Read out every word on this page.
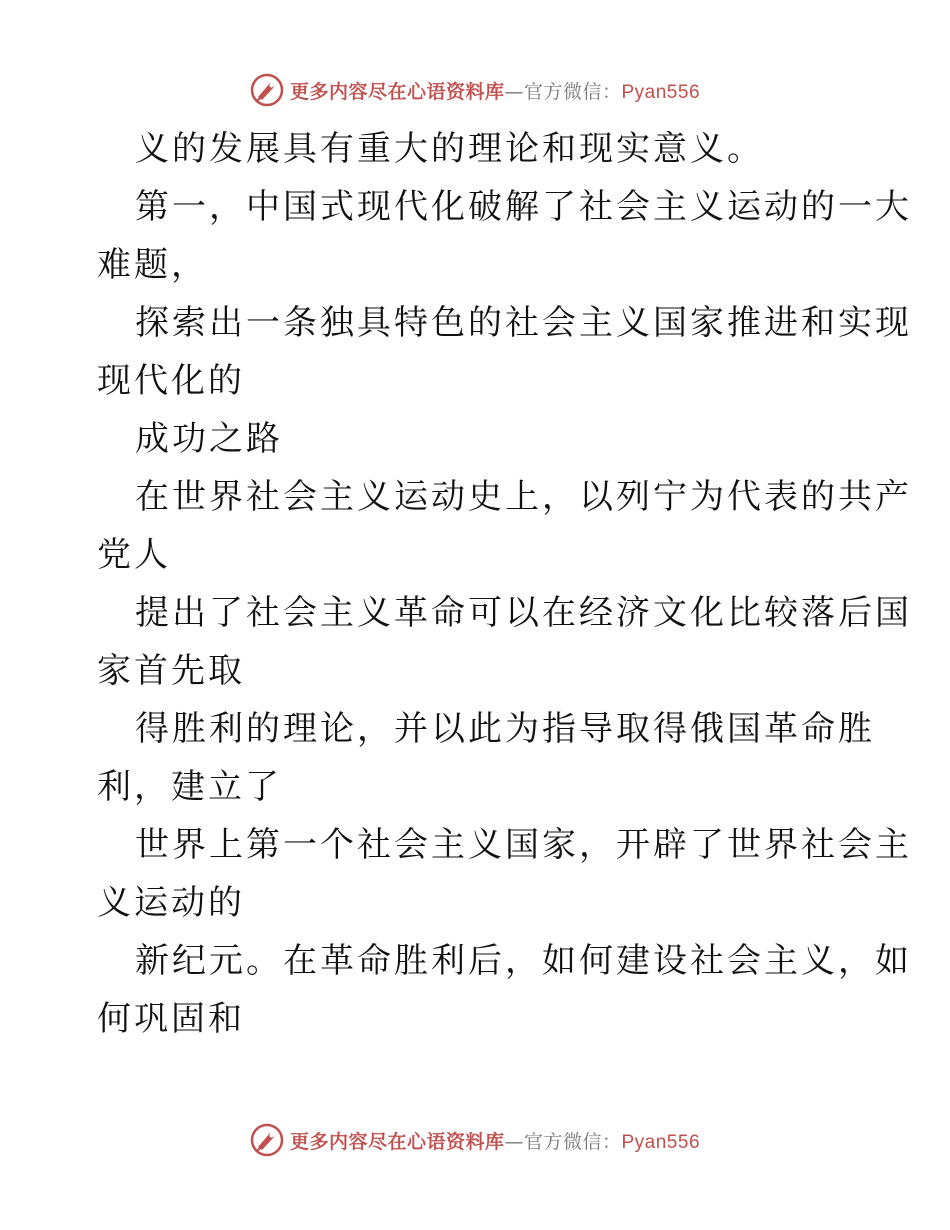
更多内容尽在心语资料库—官方微信：Pyan556
义的发展具有重大的理论和现实意义。
第一，中国式现代化破解了社会主义运动的一大
难题，
探索出一条独具特色的社会主义国家推进和实现
现代化的
成功之路
在世界社会主义运动史上，以列宁为代表的共产
党人
提出了社会主义革命可以在经济文化比较落后国
家首先取
得胜利的理论，并以此为指导取得俄国革命胜
利，建立了
世界上第一个社会主义国家，开辟了世界社会主
义运动的
新纪元。在革命胜利后，如何建设社会主义，如
何巩固和
更多内容尽在心语资料库—官方微信：Pyan556
